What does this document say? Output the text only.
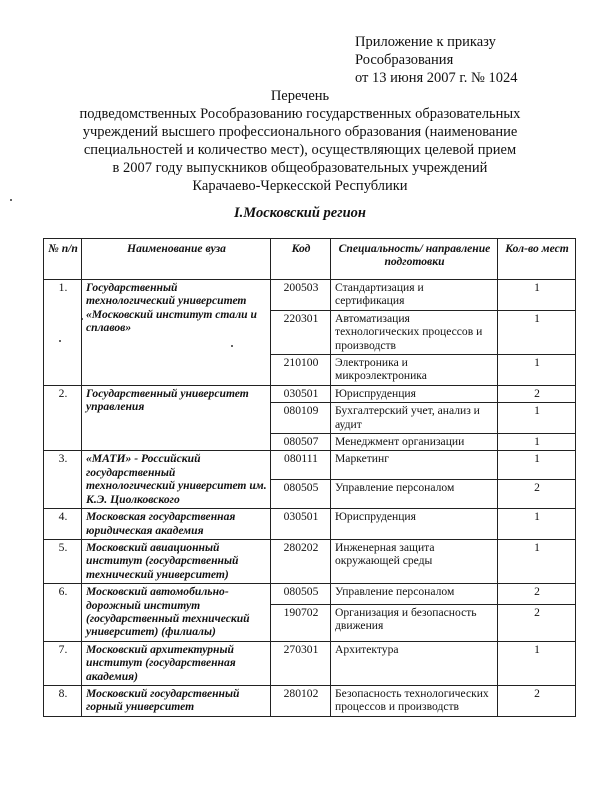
Приложение к приказу
Рособразования
от 13 июня 2007 г. № 1024
Перечень
подведомственных Рособразованию государственных образовательных
учреждений высшего профессионального образования (наименование
специальностей и количество мест), осуществляющих целевой прием
в 2007 году выпускников общеобразовательных учреждений
Карачаево-Черкесской Республики
I.Московский регион
№ п/п	Наименование вуза	Код	Специальность/ направление подготовки	Кол-во мест
1.	Государственный технологический университет «Московский институт стали и сплавов»	200503	Стандартизация и сертификация	1
		220301	Автоматизация технологических процессов и производств	1
		210100	Электроника и микроэлектроника	1
2.	Государственный университет управления	030501	Юриспруденция	2
		080109	Бухгалтерский учет, анализ и аудит	1
		080507	Менеджмент организации	1
3.	«МАТИ» - Российский государственный технологический университет им. К.Э. Циолковского	080111	Маркетинг	1
		080505	Управление персоналом	2
4.	Московская государственная юридическая академия	030501	Юриспруденция	1
5.	Московский авиационный институт (государственный технический университет)	280202	Инженерная защита окружающей среды	1
6.	Московский автомобильно-дорожный институт (государственный технический университет) (филиалы)	080505	Управление персоналом	2
		190702	Организация и безопасность движения	2
7.	Московский архитектурный институт (государственная академия)	270301	Архитектура	1
8.	Московский государственный горный университет	280102	Безопасность технологических процессов и производств	2
